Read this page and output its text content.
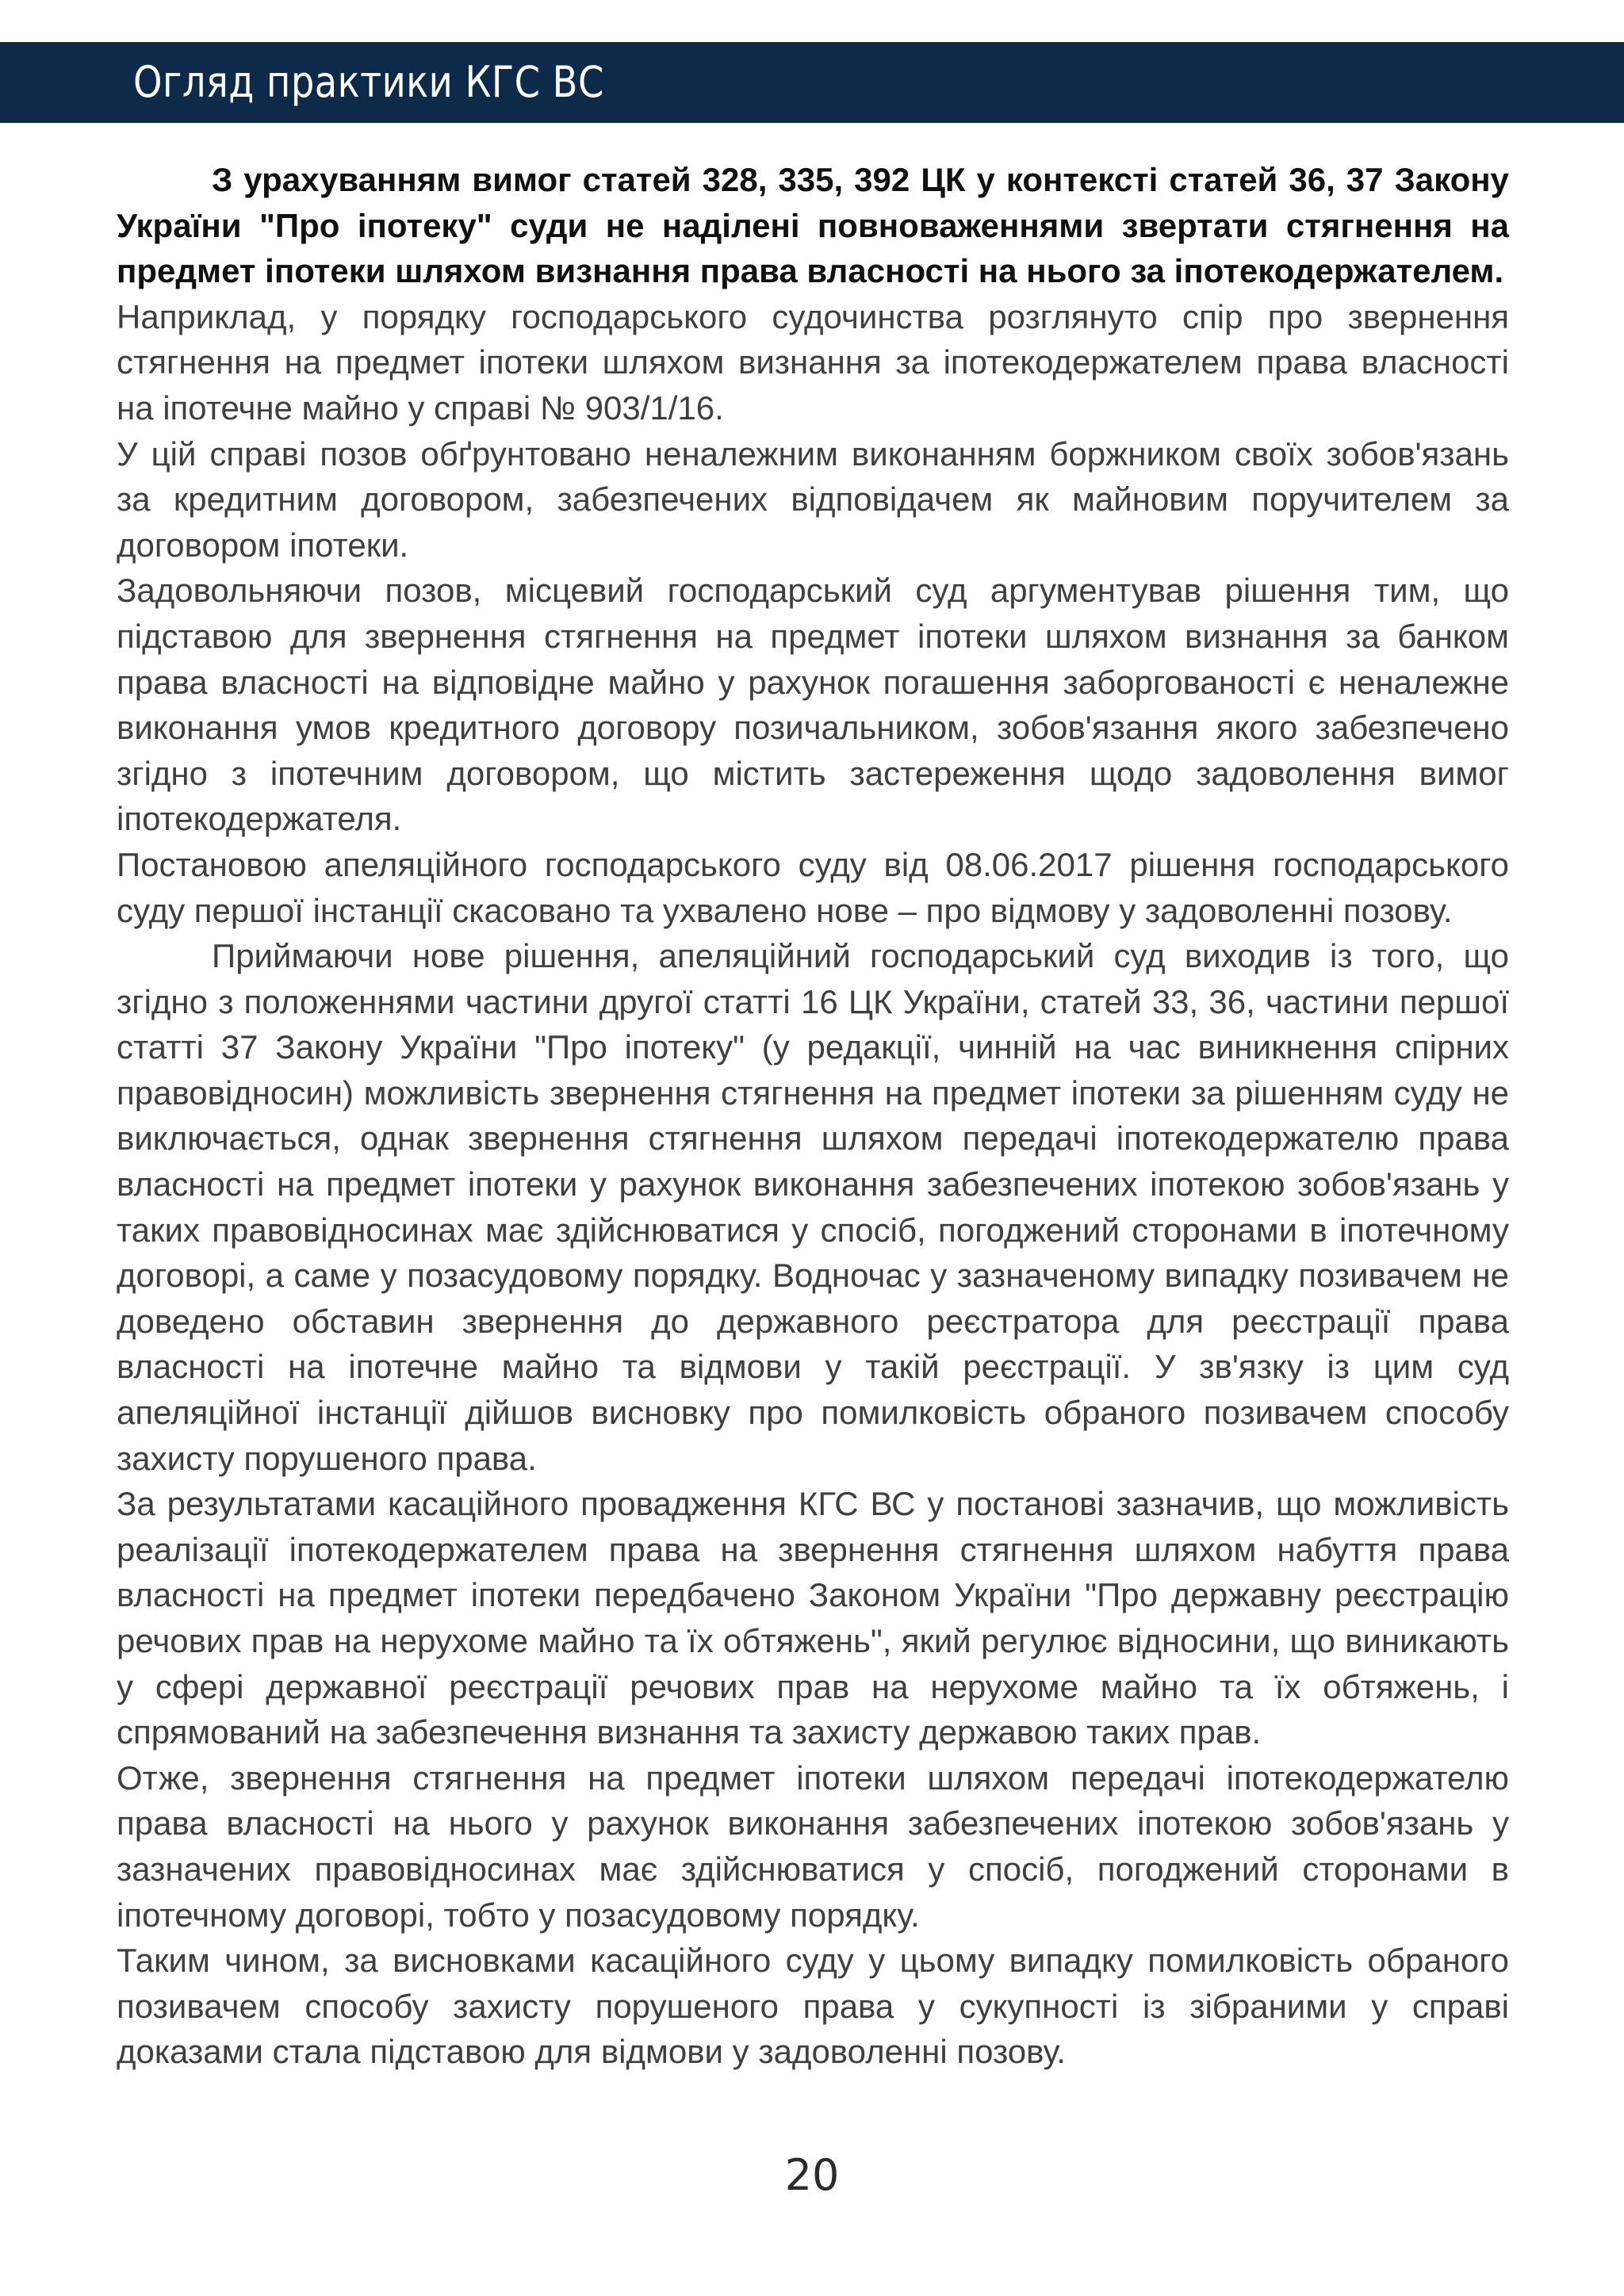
Огляд практики КГС ВС

З урахуванням вимог статей 328, 335, 392 ЦК у контексті статей 36, 37 Закону України "Про іпотеку" суди не наділені повноваженнями звертати стягнення на предмет іпотеки шляхом визнання права власності на нього за іпотекодержателем.

Наприклад, у порядку господарського судочинства розглянуто спір про звернення стягнення на предмет іпотеки шляхом визнання за іпотекодержателем права власності на іпотечне майно у справі № 903/1/16.

У цій справі позов обґрунтовано неналежним виконанням боржником своїх зобов'язань за кредитним договором, забезпечених відповідачем як майновим поручителем за договором іпотеки.

Задовольняючи позов, місцевий господарський суд аргументував рішення тим, що підставою для звернення стягнення на предмет іпотеки шляхом визнання за банком права власності на відповідне майно у рахунок погашення заборгованості є неналежне виконання умов кредитного договору позичальником, зобов'язання якого забезпечено згідно з іпотечним договором, що містить застереження щодо задоволення вимог іпотекодержателя.

Постановою апеляційного господарського суду від 08.06.2017 рішення господарського суду першої інстанції скасовано та ухвалено нове – про відмову у задоволенні позову.

Приймаючи нове рішення, апеляційний господарський суд виходив із того, що згідно з положеннями частини другої статті 16 ЦК України, статей 33, 36, частини першої статті 37 Закону України "Про іпотеку" (у редакції, чинній на час виникнення спірних правовідносин) можливість звернення стягнення на предмет іпотеки за рішенням суду не виключається, однак звернення стягнення шляхом передачі іпотекодержателю права власності на предмет іпотеки у рахунок виконання забезпечених іпотекою зобов'язань у таких правовідносинах має здійснюватися у спосіб, погоджений сторонами в іпотечному договорі, а саме у позасудовому порядку. Водночас у зазначеному випадку позивачем не доведено обставин звернення до державного реєстратора для реєстрації права власності на іпотечне майно та відмови у такій реєстрації. У зв'язку із цим суд апеляційної інстанції дійшов висновку про помилковість обраного позивачем способу захисту порушеного права.

За результатами касаційного провадження КГС ВС у постанові зазначив, що можливість реалізації іпотекодержателем права на звернення стягнення шляхом набуття права власності на предмет іпотеки передбачено Законом України "Про державну реєстрацію речових прав на нерухоме майно та їх обтяжень", який регулює відносини, що виникають у сфері державної реєстрації речових прав на нерухоме майно та їх обтяжень, і спрямований на забезпечення визнання та захисту державою таких прав.

Отже, звернення стягнення на предмет іпотеки шляхом передачі іпотекодержателю права власності на нього у рахунок виконання забезпечених іпотекою зобов'язань у зазначених правовідносинах має здійснюватися у спосіб, погоджений сторонами в іпотечному договорі, тобто у позасудовому порядку.

Таким чином, за висновками касаційного суду у цьому випадку помилковість обраного позивачем способу захисту порушеного права у сукупності із зібраними у справі доказами стала підставою для відмови у задоволенні позову.

20
